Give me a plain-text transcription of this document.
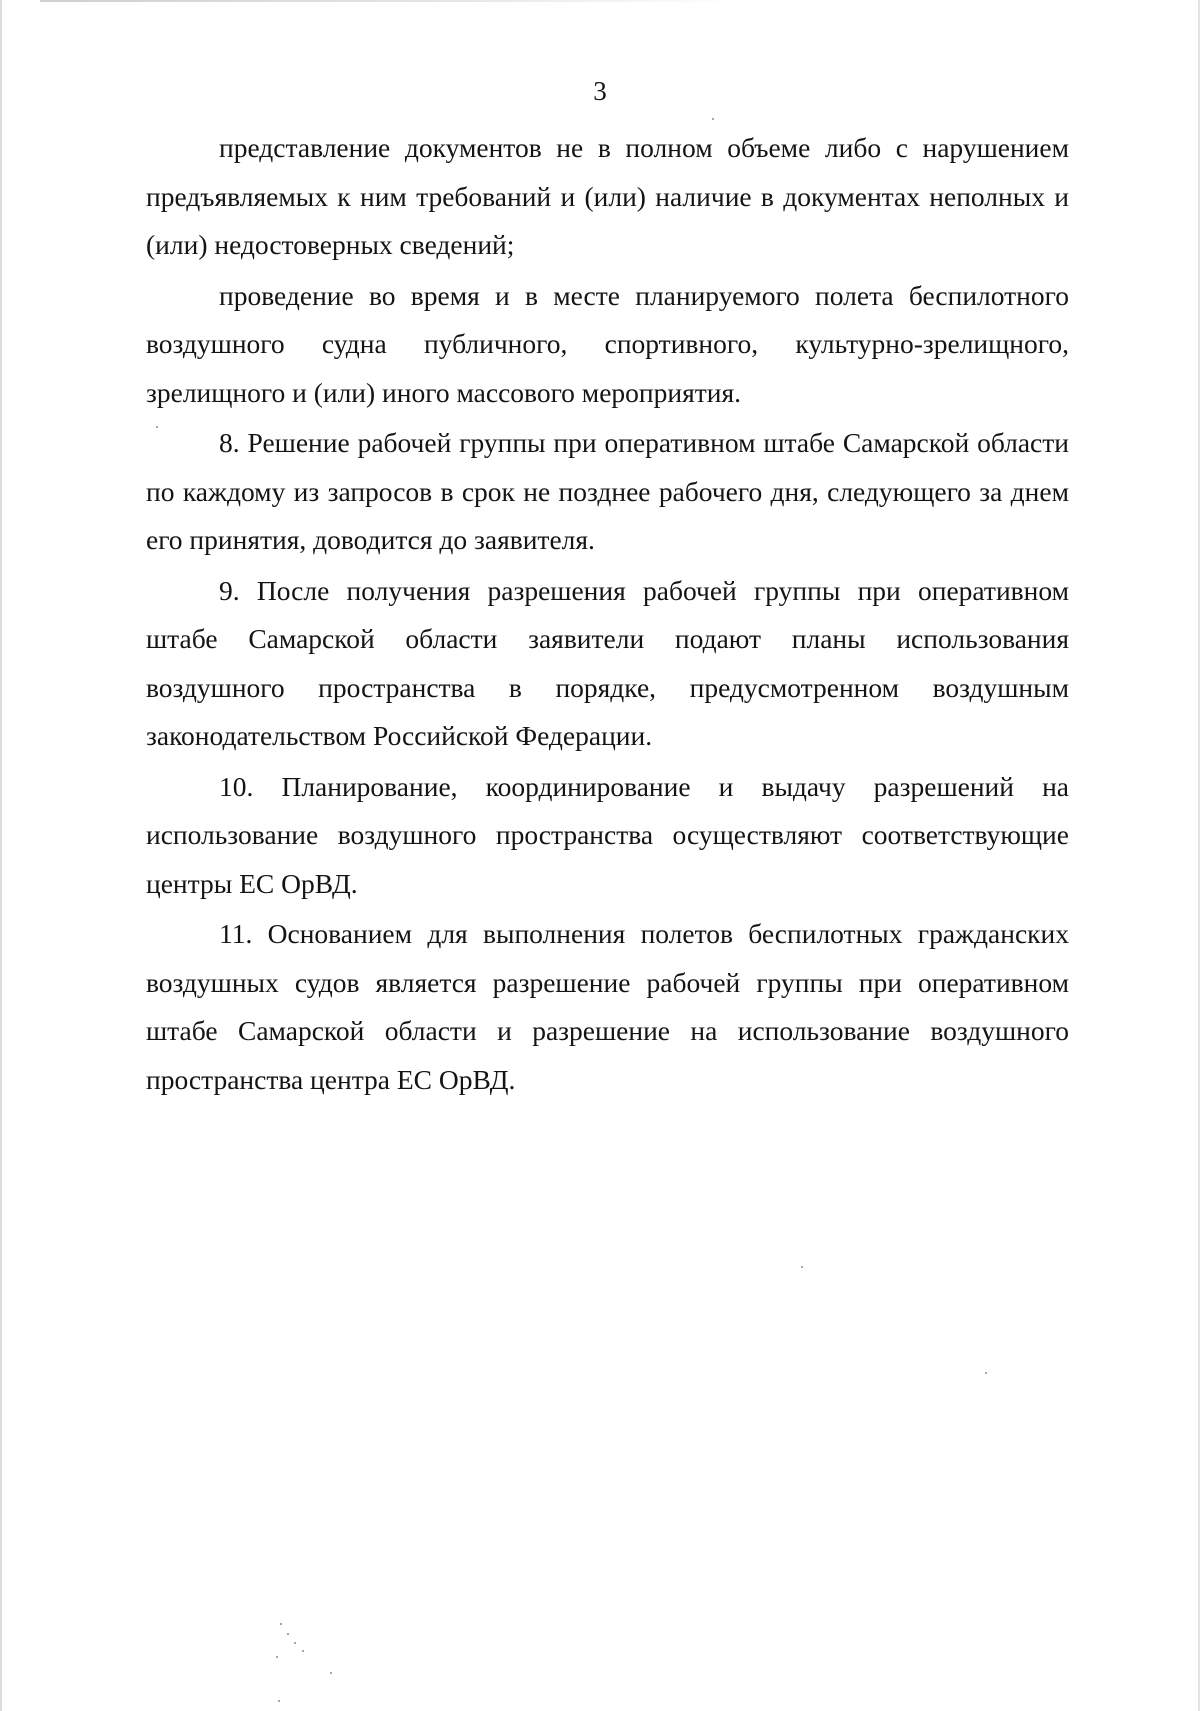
3

представление документов не в полном объеме либо с нарушением предъявляемых к ним требований и (или) наличие в документах неполных и (или) недостоверных сведений;

проведение во время и в месте планируемого полета беспилотного воздушного судна публичного, спортивного, культурно-зрелищного, зрелищного и (или) иного массового мероприятия.

8. Решение рабочей группы при оперативном штабе Самарской области по каждому из запросов в срок не позднее рабочего дня, следующего за днем его принятия, доводится до заявителя.

9. После получения разрешения рабочей группы при оперативном штабе Самарской области заявители подают планы использования воздушного пространства в порядке, предусмотренном воздушным законодательством Российской Федерации.

10. Планирование, координирование и выдачу разрешений на использование воздушного пространства осуществляют соответствующие центры ЕС ОрВД.

11. Основанием для выполнения полетов беспилотных гражданских воздушных судов является разрешение рабочей группы при оперативном штабе Самарской области и разрешение на использование воздушного пространства центра ЕС ОрВД.
